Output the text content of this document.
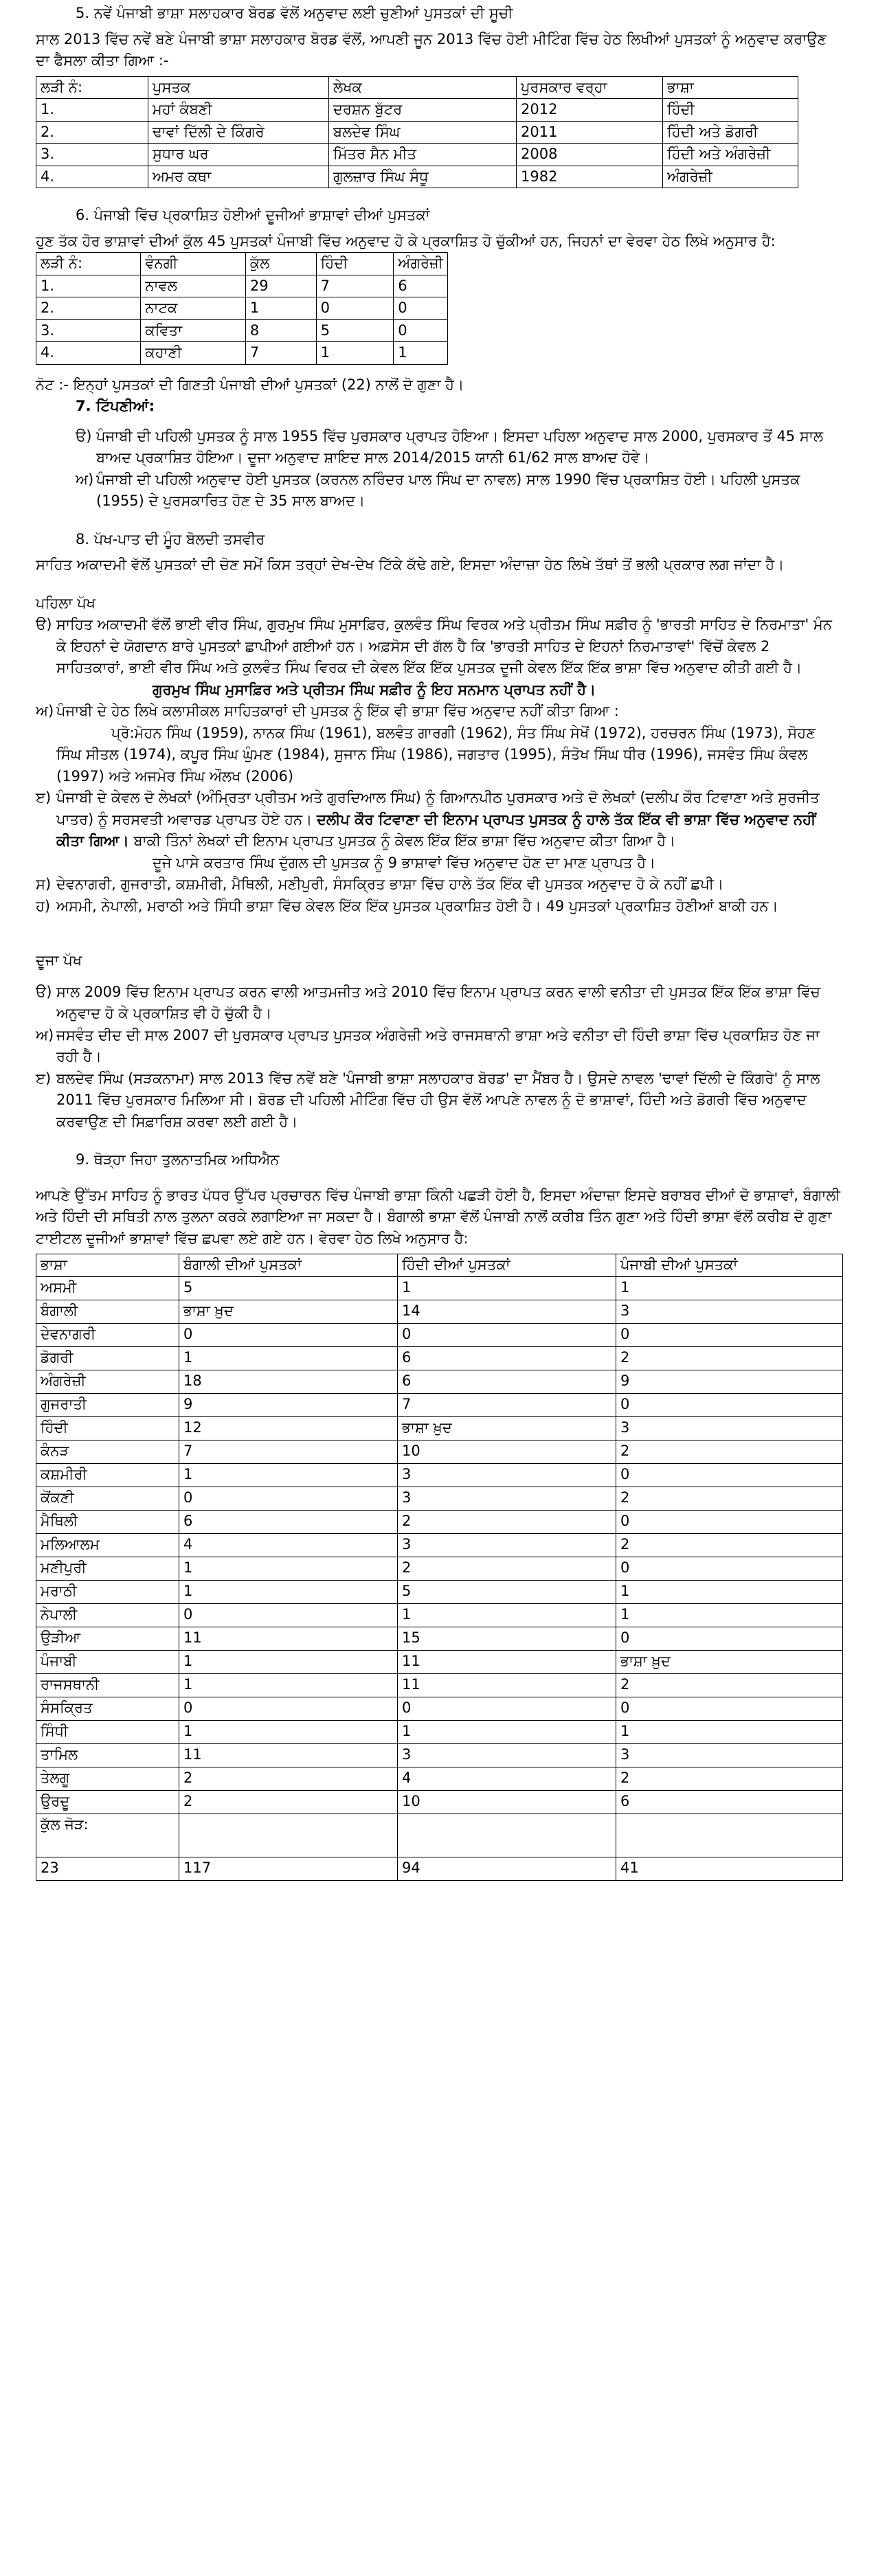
5. ਨਵੇਂ ਪੰਜਾਬੀ ਭਾਸ਼ਾ ਸਲਾਹਕਾਰ ਬੋਰਡ ਵੱਲੋਂ ਅਨੁਵਾਦ ਲਈ ਚੁਣੀਆਂ ਪੁਸਤਕਾਂ ਦੀ ਸੂਚੀ

ਸਾਲ 2013 ਵਿੱਚ ਨਵੇਂ ਬਣੇ ਪੰਜਾਬੀ ਭਾਸ਼ਾ ਸਲਾਹਕਾਰ ਬੋਰਡ ਵੱਲੋਂ, ਆਪਣੀ ਜੂਨ 2013 ਵਿੱਚ ਹੋਈ ਮੀਟਿੰਗ ਵਿੱਚ ਹੇਠ ਲਿਖੀਆਂ ਪੁਸਤਕਾਂ ਨੂੰ ਅਨੁਵਾਦ ਕਰਾਉਣ ਦਾ ਫੈਸਲਾ ਕੀਤਾ ਗਿਆ :-

ਲੜੀ ਨੰ:	ਪੁਸਤਕ	ਲੇਖਕ	ਪੁਰਸਕਾਰ ਵਰ੍ਹਾ	ਭਾਸ਼ਾ
1.	ਮਹਾਂ ਕੰਬਣੀ	ਦਰਸ਼ਨ ਬੁੱਟਰ	2012	ਹਿੰਦੀ
2.	ਢਾਵਾਂ ਦਿੱਲੀ ਦੇ ਕਿੰਗਰੇ	ਬਲਦੇਵ ਸਿੰਘ	2011	ਹਿੰਦੀ ਅਤੇ ਡੋਗਰੀ
3.	ਸੁਧਾਰ ਘਰ	ਮਿੱਤਰ ਸੈਨ ਮੀਤ	2008	ਹਿੰਦੀ ਅਤੇ ਅੰਗਰੇਜ਼ੀ
4.	ਅਮਰ ਕਥਾ	ਗੁਲਜ਼ਾਰ ਸਿੰਘ ਸੰਧੂ	1982	ਅੰਗਰੇਜ਼ੀ
6. ਪੰਜਾਬੀ ਵਿੱਚ ਪ੍ਰਕਾਸ਼ਿਤ ਹੋਈਆਂ ਦੂਜੀਆਂ ਭਾਸ਼ਾਵਾਂ ਦੀਆਂ ਪੁਸਤਕਾਂ

ਹੁਣ ਤੱਕ ਹੋਰ ਭਾਸ਼ਾਵਾਂ ਦੀਆਂ ਕੁੱਲ 45 ਪੁਸਤਕਾਂ ਪੰਜਾਬੀ ਵਿੱਚ ਅਨੁਵਾਦ ਹੋ ਕੇ ਪ੍ਰਕਾਸ਼ਿਤ ਹੋ ਚੁੱਕੀਆਂ ਹਨ, ਜਿਹਨਾਂ ਦਾ ਵੇਰਵਾ ਹੇਠ ਲਿਖੇ ਅਨੁਸਾਰ ਹੈ:

ਲੜੀ ਨੰ:	ਵੰਨਗੀ	ਕੁੱਲ	ਹਿੰਦੀ	ਅੰਗਰੇਜ਼ੀ
1.	ਨਾਵਲ	29	7	6
2.	ਨਾਟਕ	1	0	0
3.	ਕਵਿਤਾ	8	5	0
4.	ਕਹਾਣੀ	7	1	1

ਨੋਟ :- ਇਨ੍ਹਾਂ ਪੁਸਤਕਾਂ ਦੀ ਗਿਣਤੀ ਪੰਜਾਬੀ ਦੀਆਂ ਪੁਸਤਕਾਂ (22) ਨਾਲੋਂ ਦੋ ਗੁਣਾ ਹੈ।

7. ਟਿੱਪਣੀਆਂ:
ੳ) ਪੰਜਾਬੀ ਦੀ ਪਹਿਲੀ ਪੁਸਤਕ ਨੂੰ ਸਾਲ 1955 ਵਿੱਚ ਪੁਰਸਕਾਰ ਪ੍ਰਾਪਤ ਹੋਇਆ। ਇਸਦਾ ਪਹਿਲਾ ਅਨੁਵਾਦ ਸਾਲ 2000, ਪੁਰਸਕਾਰ ਤੋਂ 45 ਸਾਲ ਬਾਅਦ ਪ੍ਰਕਾਸ਼ਿਤ ਹੋਇਆ। ਦੂਜਾ ਅਨੁਵਾਦ ਸ਼ਾਇਦ ਸਾਲ 2014/2015 ਯਾਨੀ 61/62 ਸਾਲ ਬਾਅਦ ਹੋਵੇ।
ਅ) ਪੰਜਾਬੀ ਦੀ ਪਹਿਲੀ ਅਨੁਵਾਦ ਹੋਈ ਪੁਸਤਕ (ਕਰਨਲ ਨਰਿੰਦਰ ਪਾਲ ਸਿੰਘ ਦਾ ਨਾਵਲ) ਸਾਲ 1990 ਵਿੱਚ ਪ੍ਰਕਾਸ਼ਿਤ ਹੋਈ। ਪਹਿਲੀ ਪੁਸਤਕ (1955) ਦੇ ਪੁਰਸਕਾਰਿਤ ਹੋਣ ਦੇ 35 ਸਾਲ ਬਾਅਦ।
8. ਪੱਖ-ਪਾਤ ਦੀ ਮੂੰਹ ਬੋਲਦੀ ਤਸਵੀਰ

ਸਾਹਿਤ ਅਕਾਦਮੀ ਵੱਲੋਂ ਪੁਸਤਕਾਂ ਦੀ ਚੋਣ ਸਮੇਂ ਕਿਸ ਤਰ੍ਹਾਂ ਦੇਖ-ਦੇਖ ਟਿੱਕੇ ਕੱਢੇ ਗਏ, ਇਸਦਾ ਅੰਦਾਜ਼ਾ ਹੇਠ ਲਿਖੇ ਤੱਥਾਂ ਤੋਂ ਭਲੀ ਪ੍ਰਕਾਰ ਲਗ ਜਾਂਦਾ ਹੈ।

ਪਹਿਲਾ ਪੱਖ

ੳ) ਸਾਹਿਤ ਅਕਾਦਮੀ ਵੱਲੋਂ ਭਾਈ ਵੀਰ ਸਿੰਘ, ਗੁਰਮੁਖ ਸਿੰਘ ਮੁਸਾਫ਼ਿਰ, ਕੁਲਵੰਤ ਸਿੰਘ ਵਿਰਕ ਅਤੇ ਪ੍ਰੀਤਮ ਸਿੰਘ ਸਫ਼ੀਰ ਨੂੰ 'ਭਾਰਤੀ ਸਾਹਿਤ ਦੇ ਨਿਰਮਾਤਾ' ਮੰਨ ਕੇ ਇਹਨਾਂ ਦੇ ਯੋਗਦਾਨ ਬਾਰੇ ਪੁਸਤਕਾਂ ਛਾਪੀਆਂ ਗਈਆਂ ਹਨ। ਅਫ਼ਸੋਸ ਦੀ ਗੱਲ ਹੈ ਕਿ 'ਭਾਰਤੀ ਸਾਹਿਤ ਦੇ ਇਹਨਾਂ ਨਿਰਮਾਤਾਵਾਂ' ਵਿੱਚੋਂ ਕੇਵਲ 2 ਸਾਹਿਤਕਾਰਾਂ, ਭਾਈ ਵੀਰ ਸਿੰਘ ਅਤੇ ਕੁਲਵੰਤ ਸਿੰਘ ਵਿਰਕ ਦੀ ਕੇਵਲ ਇੱਕ ਇੱਕ ਪੁਸਤਕ ਦੂਜੀ ਕੇਵਲ ਇੱਕ ਇੱਕ ਭਾਸ਼ਾ ਵਿੱਚ ਅਨੁਵਾਦ ਕੀਤੀ ਗਈ ਹੈ।
ਗੁਰਮੁਖ ਸਿੰਘ ਮੁਸਾਫ਼ਿਰ ਅਤੇ ਪ੍ਰੀਤਮ ਸਿੰਘ ਸਫ਼ੀਰ ਨੂੰ ਇਹ ਸਨਮਾਨ ਪ੍ਰਾਪਤ ਨਹੀਂ ਹੈ।
ਅ) ਪੰਜਾਬੀ ਦੇ ਹੇਠ ਲਿਖੇ ਕਲਾਸੀਕਲ ਸਾਹਿਤਕਾਰਾਂ ਦੀ ਪੁਸਤਕ ਨੂੰ ਇੱਕ ਵੀ ਭਾਸ਼ਾ ਵਿੱਚ ਅਨੁਵਾਦ ਨਹੀਂ ਕੀਤਾ ਗਿਆ :

ਪ੍ਰੋ:ਮੋਹਨ ਸਿੰਘ (1959), ਨਾਨਕ ਸਿੰਘ (1961), ਬਲਵੰਤ ਗਾਰਗੀ (1962), ਸੰਤ ਸਿੰਘ ਸੇਖੋਂ (1972), ਹਰਚਰਨ ਸਿੰਘ (1973), ਸੋਹਣ ਸਿੰਘ ਸੀਤਲ (1974), ਕਪੂਰ ਸਿੰਘ ਘੁੰਮਣ (1984), ਸੁਜਾਨ ਸਿੰਘ (1986), ਜਗਤਾਰ (1995), ਸੰਤੋਖ ਸਿੰਘ ਧੀਰ (1996), ਜਸਵੰਤ ਸਿੰਘ ਕੰਵਲ (1997) ਅਤੇ ਅਜਮੇਰ ਸਿੰਘ ਔਲਖ (2006)
ੲ) ਪੰਜਾਬੀ ਦੇ ਕੇਵਲ ਦੋ ਲੇਖਕਾਂ (ਅੰਮ੍ਰਿਤਾ ਪ੍ਰੀਤਮ ਅਤੇ ਗੁਰਦਿਆਲ ਸਿੰਘ) ਨੂੰ ਗਿਆਨਪੀਠ ਪੁਰਸਕਾਰ ਅਤੇ ਦੋ ਲੇਖਕਾਂ (ਦਲੀਪ ਕੌਰ ਟਿਵਾਣਾ ਅਤੇ ਸੁਰਜੀਤ ਪਾਤਰ) ਨੂੰ ਸਰਸਵਤੀ ਅਵਾਰਡ ਪ੍ਰਾਪਤ ਹੋਏ ਹਨ। ਦਲੀਪ ਕੌਰ ਟਿਵਾਣਾ ਦੀ ਇਨਾਮ ਪ੍ਰਾਪਤ ਪੁਸਤਕ ਨੂੰ ਹਾਲੇ ਤੱਕ ਇੱਕ ਵੀ ਭਾਸ਼ਾ ਵਿੱਚ ਅਨੁਵਾਦ ਨਹੀਂ ਕੀਤਾ ਗਿਆ। ਬਾਕੀ ਤਿੰਨਾਂ ਲੇਖਕਾਂ ਦੀ ਇਨਾਮ ਪ੍ਰਾਪਤ ਪੁਸਤਕ ਨੂੰ ਕੇਵਲ ਇੱਕ ਇੱਕ ਭਾਸ਼ਾ ਵਿੱਚ ਅਨੁਵਾਦ ਕੀਤਾ ਗਿਆ ਹੈ।
ਦੂਜੇ ਪਾਸੇ ਕਰਤਾਰ ਸਿੰਘ ਦੁੱਗਲ ਦੀ ਪੁਸਤਕ ਨੂੰ 9 ਭਾਸ਼ਾਵਾਂ ਵਿੱਚ ਅਨੁਵਾਦ ਹੋਣ ਦਾ ਮਾਣ ਪ੍ਰਾਪਤ ਹੈ।
ਸ) ਦੇਵਨਾਗਰੀ, ਗੁਜਰਾਤੀ, ਕਸ਼ਮੀਰੀ, ਮੈਥਿਲੀ, ਮਣੀਪੁਰੀ, ਸੰਸਕ੍ਰਿਤ ਭਾਸ਼ਾ ਵਿੱਚ ਹਾਲੇ ਤੱਕ ਇੱਕ ਵੀ ਪੁਸਤਕ ਅਨੁਵਾਦ ਹੋ ਕੇ ਨਹੀਂ ਛਪੀ।
ਹ) ਅਸਮੀ, ਨੇਪਾਲੀ, ਮਰਾਠੀ ਅਤੇ ਸਿੰਧੀ ਭਾਸ਼ਾ ਵਿੱਚ ਕੇਵਲ ਇੱਕ ਇੱਕ ਪੁਸਤਕ ਪ੍ਰਕਾਸ਼ਿਤ ਹੋਈ ਹੈ। 49 ਪੁਸਤਕਾਂ ਪ੍ਰਕਾਸ਼ਿਤ ਹੋਣੀਆਂ ਬਾਕੀ ਹਨ।

ਦੂਜਾ ਪੱਖ

ੳ) ਸਾਲ 2009 ਵਿੱਚ ਇਨਾਮ ਪ੍ਰਾਪਤ ਕਰਨ ਵਾਲੀ ਆਤਮਜੀਤ ਅਤੇ 2010 ਵਿੱਚ ਇਨਾਮ ਪ੍ਰਾਪਤ ਕਰਨ ਵਾਲੀ ਵਨੀਤਾ ਦੀ ਪੁਸਤਕ ਇੱਕ ਇੱਕ ਭਾਸ਼ਾ ਵਿੱਚ ਅਨੁਵਾਦ ਹੋ ਕੇ ਪ੍ਰਕਾਸ਼ਿਤ ਵੀ ਹੋ ਚੁੱਕੀ ਹੈ।
ਅ) ਜਸਵੰਤ ਦੀਦ ਦੀ ਸਾਲ 2007 ਦੀ ਪੁਰਸਕਾਰ ਪ੍ਰਾਪਤ ਪੁਸਤਕ ਅੰਗਰੇਜ਼ੀ ਅਤੇ ਰਾਜਸਥਾਨੀ ਭਾਸ਼ਾ ਅਤੇ ਵਨੀਤਾ ਦੀ ਹਿੰਦੀ ਭਾਸ਼ਾ ਵਿੱਚ ਪ੍ਰਕਾਸ਼ਿਤ ਹੋਣ ਜਾ ਰਹੀ ਹੈ।
ੲ) ਬਲਦੇਵ ਸਿੰਘ (ਸੜਕਨਾਮਾ) ਸਾਲ 2013 ਵਿੱਚ ਨਵੇਂ ਬਣੇ 'ਪੰਜਾਬੀ ਭਾਸ਼ਾ ਸਲਾਹਕਾਰ ਬੋਰਡ' ਦਾ ਮੈਂਬਰ ਹੈ। ਉਸਦੇ ਨਾਵਲ 'ਢਾਵਾਂ ਦਿੱਲੀ ਦੇ ਕਿੰਗਰੇ' ਨੂੰ ਸਾਲ 2011 ਵਿੱਚ ਪੁਰਸਕਾਰ ਮਿਲਿਆ ਸੀ। ਬੋਰਡ ਦੀ ਪਹਿਲੀ ਮੀਟਿੰਗ ਵਿੱਚ ਹੀ ਉਸ ਵੱਲੋਂ ਆਪਣੇ ਨਾਵਲ ਨੂੰ ਦੋ ਭਾਸ਼ਾਵਾਂ, ਹਿੰਦੀ ਅਤੇ ਡੋਗਰੀ ਵਿੱਚ ਅਨੁਵਾਦ ਕਰਵਾਉਣ ਦੀ ਸਿਫ਼ਾਰਿਸ਼ ਕਰਵਾ ਲਈ ਗਈ ਹੈ।
9. ਥੋੜ੍ਹਾ ਜਿਹਾ ਤੁਲਨਾਤਮਿਕ ਅਧਿਐਨ

ਆਪਣੇ ਉੱਤਮ ਸਾਹਿਤ ਨੂੰ ਭਾਰਤ ਪੱਧਰ ਉੱਪਰ ਪ੍ਰਚਾਰਨ ਵਿੱਚ ਪੰਜਾਬੀ ਭਾਸ਼ਾ ਕਿੰਨੀ ਪਛੜੀ ਹੋਈ ਹੈ, ਇਸਦਾ ਅੰਦਾਜ਼ਾ ਇਸਦੇ ਬਰਾਬਰ ਦੀਆਂ ਦੋ ਭਾਸ਼ਾਵਾਂ, ਬੰਗਾਲੀ ਅਤੇ ਹਿੰਦੀ ਦੀ ਸਥਿਤੀ ਨਾਲ ਤੁਲਨਾ ਕਰਕੇ ਲਗਾਇਆ ਜਾ ਸਕਦਾ ਹੈ। ਬੰਗਾਲੀ ਭਾਸ਼ਾ ਵੱਲੋਂ ਪੰਜਾਬੀ ਨਾਲੋਂ ਕਰੀਬ ਤਿੰਨ ਗੁਣਾ ਅਤੇ ਹਿੰਦੀ ਭਾਸ਼ਾ ਵੱਲੋਂ ਕਰੀਬ ਦੋ ਗੁਣਾ ਟਾਈਟਲ ਦੂਜੀਆਂ ਭਾਸ਼ਾਵਾਂ ਵਿੱਚ ਛਪਵਾ ਲਏ ਗਏ ਹਨ। ਵੇਰਵਾ ਹੇਠ ਲਿਖੇ ਅਨੁਸਾਰ ਹੈ:

ਭਾਸ਼ਾ	ਬੰਗਾਲੀ ਦੀਆਂ ਪੁਸਤਕਾਂ	ਹਿੰਦੀ ਦੀਆਂ ਪੁਸਤਕਾਂ	ਪੰਜਾਬੀ ਦੀਆਂ ਪੁਸਤਕਾਂ
ਅਸਮੀ	5	1	1
ਬੰਗਾਲੀ	ਭਾਸ਼ਾ ਖ਼ੁਦ	14	3
ਦੇਵਨਾਗਰੀ	0	0	0
ਡੋਗਰੀ	1	6	2
ਅੰਗਰੇਜ਼ੀ	18	6	9
ਗੁਜਰਾਤੀ	9	7	0
ਹਿੰਦੀ	12	ਭਾਸ਼ਾ ਖ਼ੁਦ	3
ਕੰਨੜ	7	10	2
ਕਸ਼ਮੀਰੀ	1	3	0
ਕੋਂਕਣੀ	0	3	2
ਮੈਥਿਲੀ	6	2	0
ਮਲਿਆਲਮ	4	3	2
ਮਣੀਪੁਰੀ	1	2	0
ਮਰਾਠੀ	1	5	1
ਨੇਪਾਲੀ	0	1	1
ਉੜੀਆ	11	15	0
ਪੰਜਾਬੀ	1	11	ਭਾਸ਼ਾ ਖ਼ੁਦ
ਰਾਜਸਥਾਨੀ	1	11	2
ਸੰਸਕ੍ਰਿਤ	0	0	0
ਸਿੰਧੀ	1	1	1
ਤਾਮਿਲ	11	3	3
ਤੇਲਗੂ	2	4	2
ਉਰਦੂ	2	10	6
ਕੁੱਲ ਜੋੜ:			
23	117	94	41
